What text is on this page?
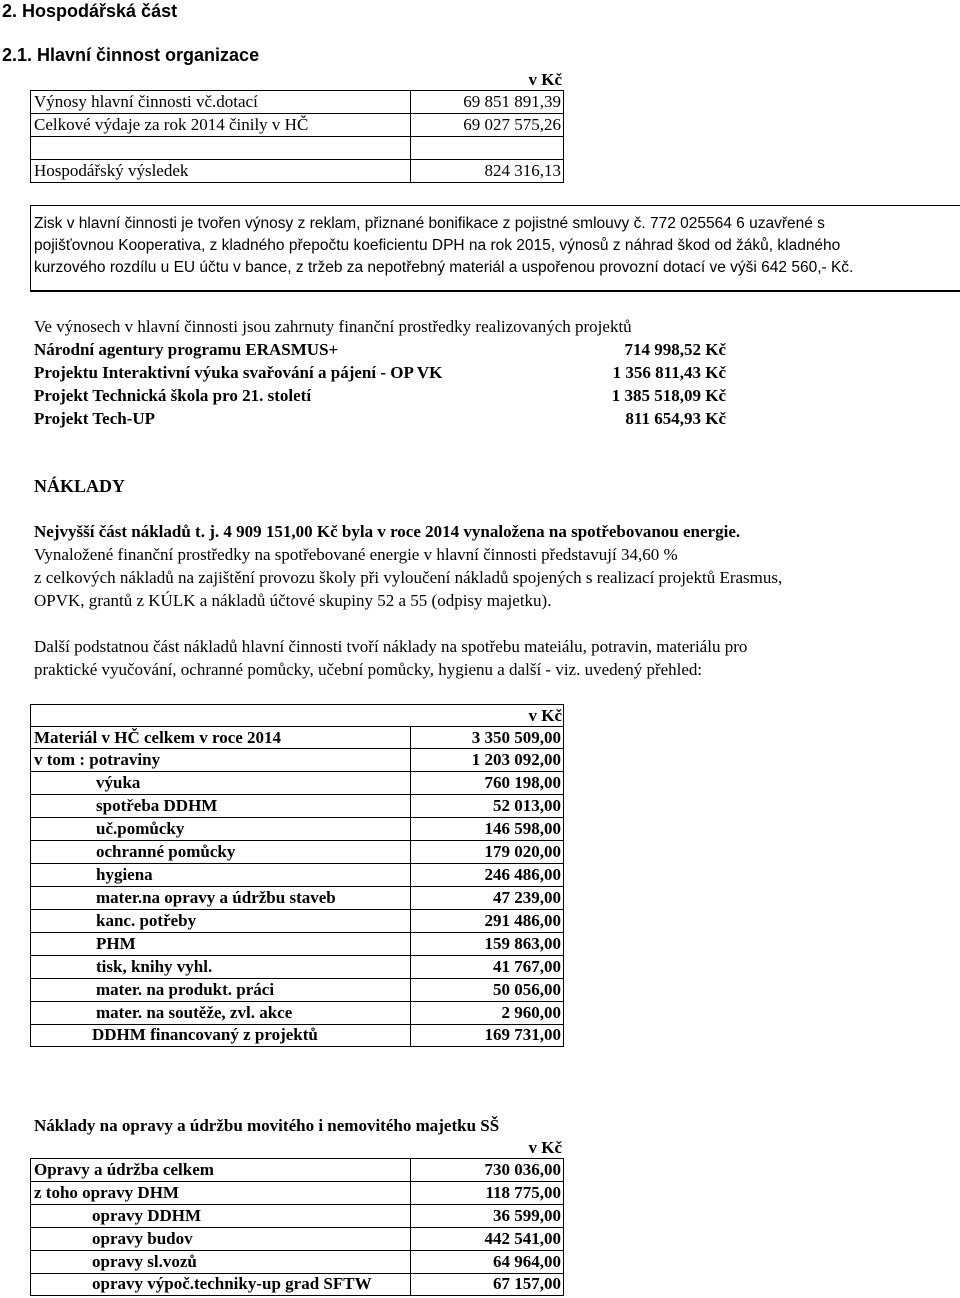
2. Hospodářská část
2.1. Hlavní činnost organizace
v Kč
Výnosy hlavní činnosti vč.dotací	69 851 891,39
Celkové výdaje za rok 2014 činily v HČ	69 027 575,26
Hospodářský výsledek	824 316,13
Zisk v hlavní činnosti je tvořen výnosy z reklam, přiznané bonifikace z pojistné smlouvy č. 772 025564 6 uzavřené s
pojišťovnou Kooperativa, z kladného přepočtu koeficientu DPH na rok 2015, výnosů z náhrad škod od žáků, kladného
kurzového rozdílu u EU účtu v bance, z tržeb za nepotřebný materiál a uspořenou provozní dotací ve výši 642 560,- Kč.
Ve výnosech v hlavní činnosti jsou zahrnuty finanční prostředky realizovaných projektů
Národní agentury programu ERASMUS+	714 998,52 Kč
Projektu Interaktivní výuka svařování a pájení - OP VK	1 356 811,43 Kč
Projekt Technická škola pro 21. století	1 385 518,09 Kč
Projekt Tech-UP	811 654,93 Kč
NÁKLADY
Nejvyšší část nákladů t. j. 4 909 151,00 Kč byla v roce 2014 vynaložena na spotřebovanou energie.
Vynaložené finanční prostředky na spotřebované energie v hlavní činnosti představují 34,60 %
z celkových nákladů na zajištění provozu školy při vyloučení nákladů spojených s realizací projektů Erasmus,
OPVK, grantů z KÚLK a nákladů účtové skupiny 52 a 55 (odpisy majetku).
Další podstatnou část nákladů hlavní činnosti tvoří náklady na spotřebu mateiálu, potravin, materiálu pro
praktické vyučování, ochranné pomůcky, učební pomůcky, hygienu a další - viz. uvedený přehled:
v Kč
Materiál v HČ celkem v roce 2014	3 350 509,00
v tom : potraviny	1 203 092,00
výuka	760 198,00
spotřeba DDHM	52 013,00
uč.pomůcky	146 598,00
ochranné pomůcky	179 020,00
hygiena	246 486,00
mater.na opravy a údržbu staveb	47 239,00
kanc. potřeby	291 486,00
PHM	159 863,00
tisk, knihy vyhl.	41 767,00
mater. na produkt. práci	50 056,00
mater. na soutěže, zvl. akce	2 960,00
DDHM financovaný z projektů	169 731,00
Náklady na opravy a údržbu movitého i nemovitého majetku SŠ
v Kč
Opravy a údržba celkem	730 036,00
z toho opravy DHM	118 775,00
opravy DDHM	36 599,00
opravy budov	442 541,00
opravy sl.vozů	64 964,00
opravy výpoč.techniky-up grad SFTW	67 157,00
